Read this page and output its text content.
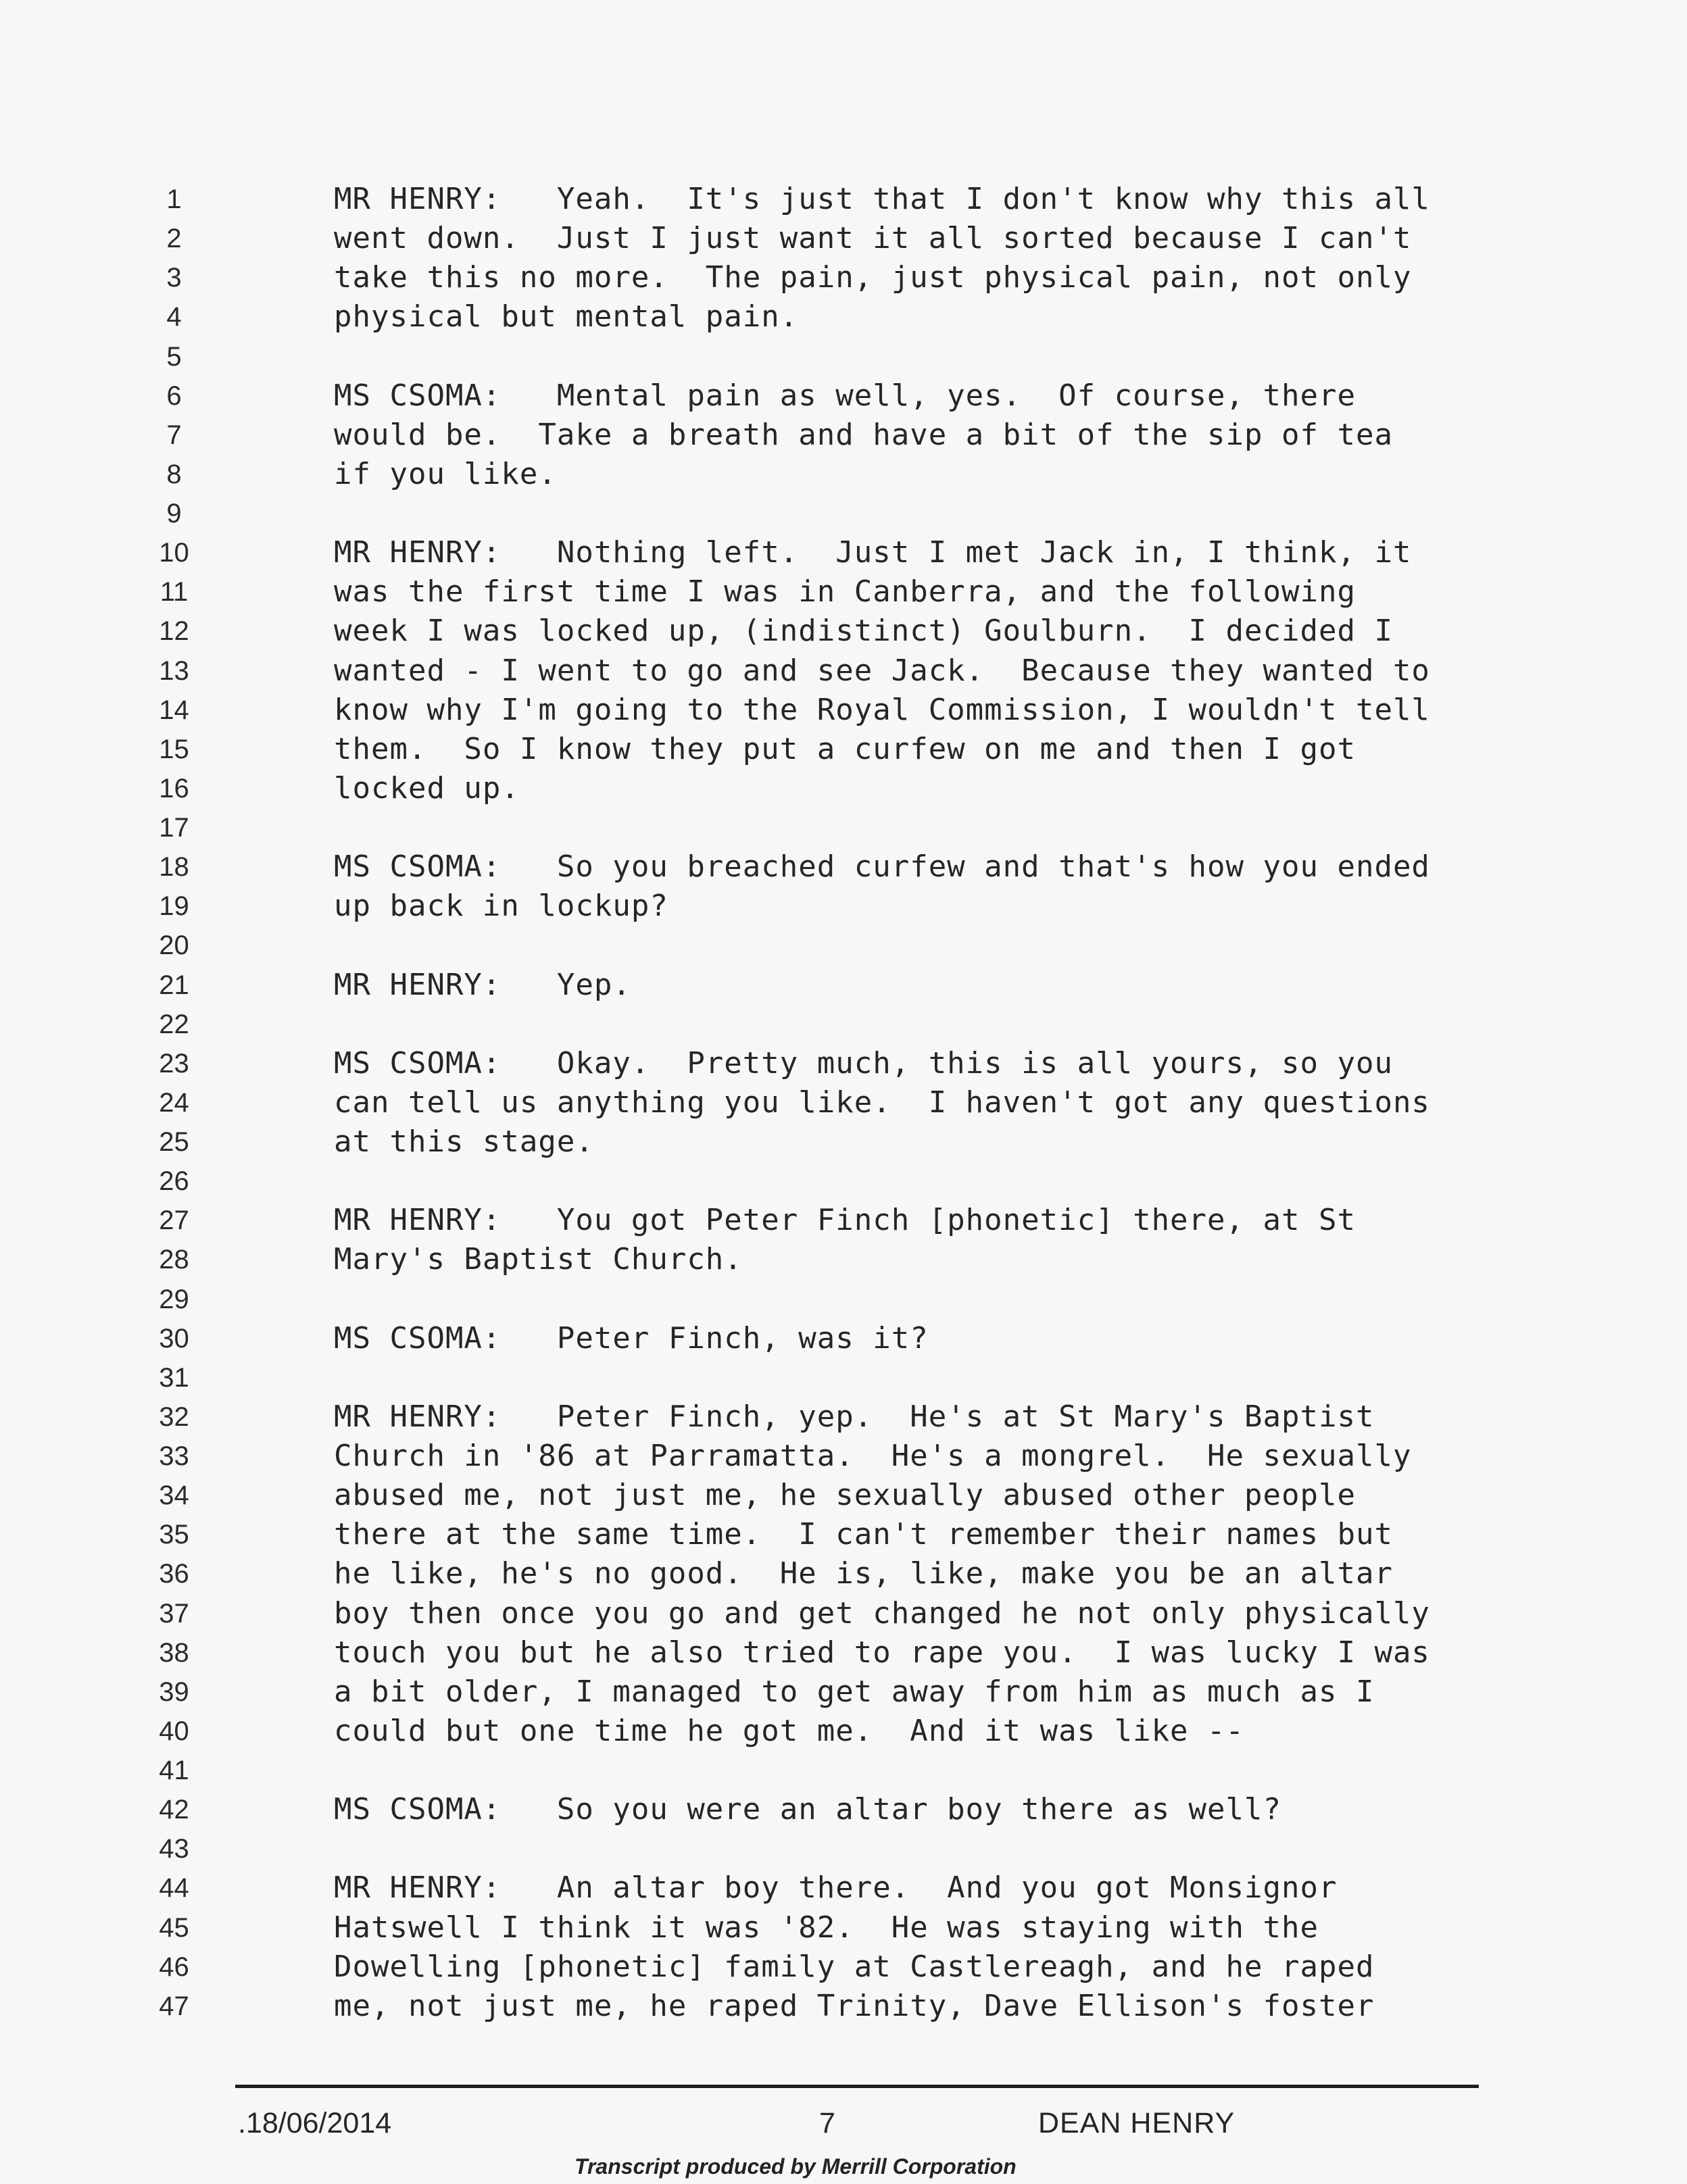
1	MR HENRY:   Yeah.  It's just that I don't know why this all
2	went down.  Just I just want it all sorted because I can't
3	take this no more.  The pain, just physical pain, not only
4	physical but mental pain.
5
6	MS CSOMA:   Mental pain as well, yes.  Of course, there
7	would be.  Take a breath and have a bit of the sip of tea
8	if you like.
9
10	MR HENRY:   Nothing left.  Just I met Jack in, I think, it
11	was the first time I was in Canberra, and the following
12	week I was locked up, (indistinct) Goulburn.  I decided I
13	wanted - I went to go and see Jack.  Because they wanted to
14	know why I'm going to the Royal Commission, I wouldn't tell
15	them.  So I know they put a curfew on me and then I got
16	locked up.
17
18	MS CSOMA:   So you breached curfew and that's how you ended
19	up back in lockup?
20
21	MR HENRY:   Yep.
22
23	MS CSOMA:   Okay.  Pretty much, this is all yours, so you
24	can tell us anything you like.  I haven't got any questions
25	at this stage.
26
27	MR HENRY:   You got Peter Finch [phonetic] there, at St
28	Mary's Baptist Church.
29
30	MS CSOMA:   Peter Finch, was it?
31
32	MR HENRY:   Peter Finch, yep.  He's at St Mary's Baptist
33	Church in '86 at Parramatta.  He's a mongrel.  He sexually
34	abused me, not just me, he sexually abused other people
35	there at the same time.  I can't remember their names but
36	he like, he's no good.  He is, like, make you be an altar
37	boy then once you go and get changed he not only physically
38	touch you but he also tried to rape you.  I was lucky I was
39	a bit older, I managed to get away from him as much as I
40	could but one time he got me.  And it was like --
41
42	MS CSOMA:   So you were an altar boy there as well?
43
44	MR HENRY:   An altar boy there.  And you got Monsignor
45	Hatswell I think it was '82.  He was staying with the
46	Dowelling [phonetic] family at Castlereagh, and he raped
47	me, not just me, he raped Trinity, Dave Ellison's foster
.18/06/2014	7	DEAN HENRY
Transcript produced by Merrill Corporation
